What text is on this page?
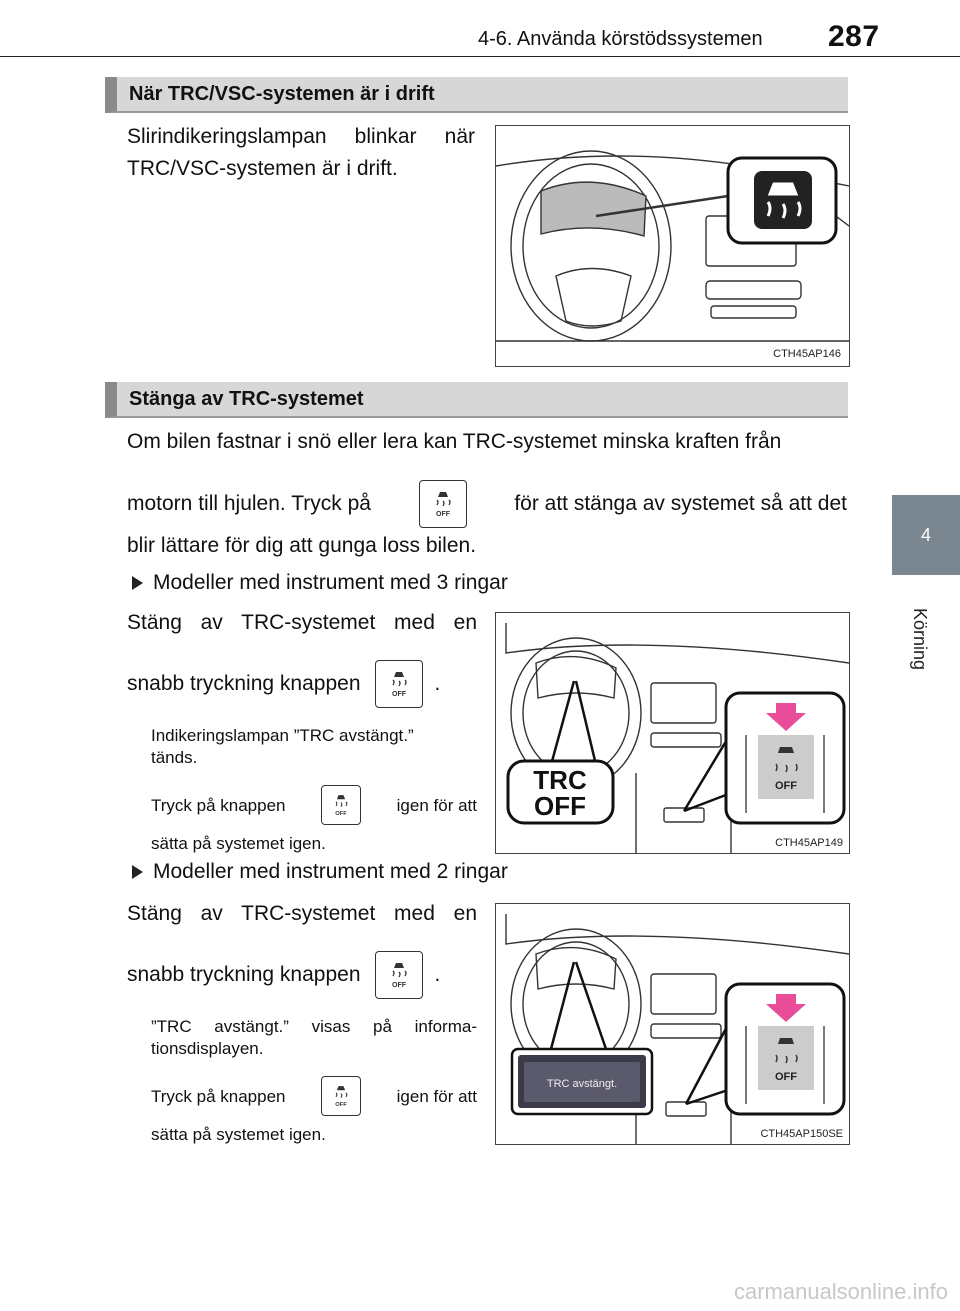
4-6. Använda körstödssystemen 287
4
Körning
När TRC/VSC-systemen är i drift
Slirindikeringslampan blinkar när
TRC/VSC-systemen är i drift.
CTH45AP146
Stänga av TRC-systemet
Om bilen fastnar i snö eller lera kan TRC-systemet minska kraften från
motorn till hjulen. Tryck på	OFF	för att stänga av systemet så att det
blir lättare för dig att gunga loss bilen.
Modeller med instrument med 3 ringar
Stäng av TRC-systemet med en
snabb tryckning knappen	OFF .
Indikeringslampan ”TRC avstängt.”
tänds.
Tryck på knappen	OFF	igen för att
sätta på systemet igen.
TRC
OFF
OFF
CTH45AP149
Modeller med instrument med 2 ringar
Stäng av TRC-systemet med en
snabb tryckning knappen	OFF .
”TRC avstängt.” visas på informa-
tionsdisplayen.
Tryck på knappen	OFF	igen för att
sätta på systemet igen.
TRC avstängt.
OFF
CTH45AP150SE
carmanualsonline.info
